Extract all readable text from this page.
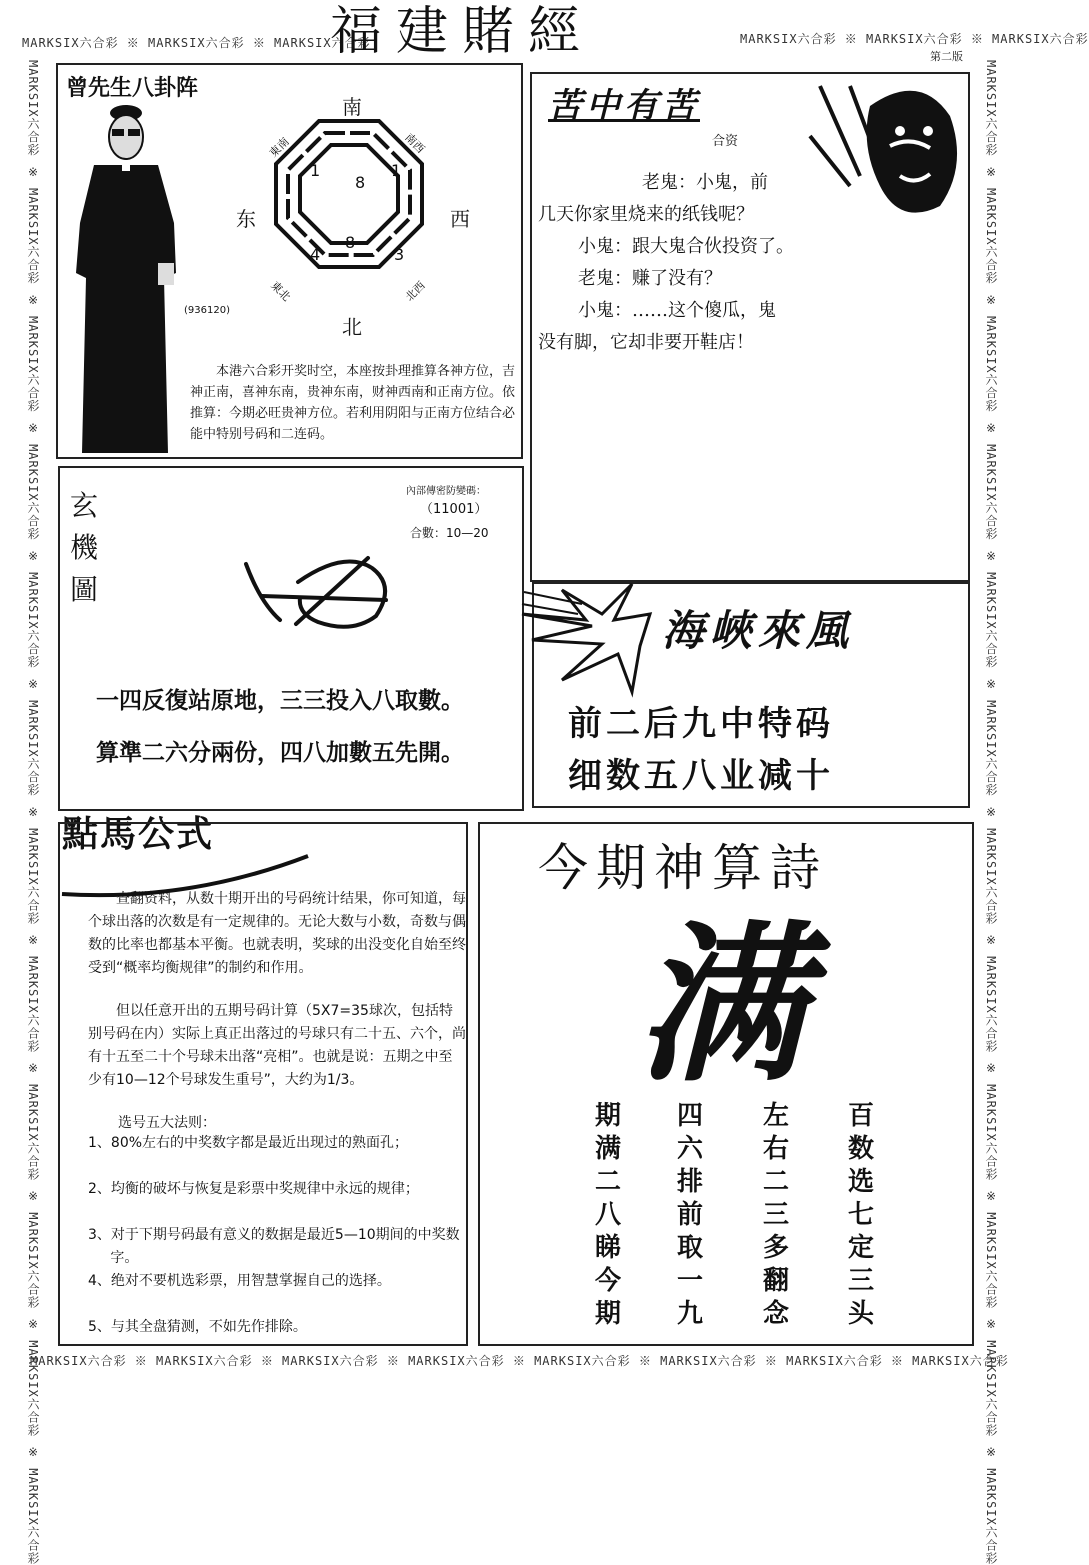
MARKSIX六合彩 ※ MARKSIX六合彩 ※ MARKSIX六合彩	MARKSIX六合彩 ※ MARKSIX六合彩 ※ MARKSIX六合彩
MARKSIX六合彩 ※ MARKSIX六合彩 ※ MARKSIX六合彩 ※ MARKSIX六合彩 ※ MARKSIX六合彩 ※ MARKSIX六合彩 ※ MARKSIX六合彩 ※ MARKSIX六合彩
MARKSIX六合彩 ※ MARKSIX六合彩 ※ MARKSIX六合彩 ※ MARKSIX六合彩 ※ MARKSIX六合彩 ※ MARKSIX六合彩 ※ MARKSIX六合彩 ※ MARKSIX六合彩 ※ MARKSIX六合彩 ※ MARKSIX六合彩 ※ MARKSIX六合彩 ※ MARKSIX六合彩	MARKSIX六合彩 ※ MARKSIX六合彩 ※ MARKSIX六合彩 ※ MARKSIX六合彩 ※ MARKSIX六合彩 ※ MARKSIX六合彩 ※ MARKSIX六合彩 ※ MARKSIX六合彩 ※ MARKSIX六合彩 ※ MARKSIX六合彩 ※ MARKSIX六合彩 ※ MARKSIX六合彩
福建賭經	第二版
曾先生八卦阵
(936120)
南
北
东	西
東南	南西
東北	北西
1
8
1
8
4	3

本港六合彩开奖时空，本座按卦理推算各神方位，吉神正南，喜神东南，贵神东南，财神西南和正南方位。依推算：今期必旺贵神方位。若利用阴阳与正南方位结合必能中特别号码和二连码。

苦中有苦
合资

老鬼：小鬼，前

几天你家里烧来的纸钱呢？

小鬼：跟大鬼合伙投资了。

老鬼：赚了没有？

小鬼：……这个傻瓜，鬼

没有脚，它却非要开鞋店！

玄
機
圖
內部傳密防變碼：
（11001）
合數：10—20

一四反復站原地，三三投入八取數。

算準二六分兩份，四八加數五先開。

海峽來風

前二后九中特码

细数五八业减十

點馬公式

查翻资料，从数十期开出的号码统计结果，你可知道，每个球出落的次数是有一定规律的。无论大数与小数，奇数与偶数的比率也都基本平衡。也就表明，奖球的出没变化自始至终受到“概率均衡规律”的制约和作用。

但以任意开出的五期号码计算（5X7=35球次，包括特别号码在内）实际上真正出落过的号球只有二十五、六个，尚有十五至二十个号球未出落“亮相”。也就是说：五期之中至少有10—12个号球发生重号”，大约为1/3。

选号五大法则：

1、80%左右的中奖数字都是最近出现过的熟面孔；

2、均衡的破坏与恢复是彩票中奖规律中永远的规律；

3、对于下期号码最有意义的数据是最近5—10期间的中奖数字。

4、绝对不要机选彩票，用智慧掌握自己的选择。

5、与其全盘猜测，不如先作排除。

今期神算詩
满
期满二八睇今期
四六排前取一九
左右二三多翻念
百数选七定三头
